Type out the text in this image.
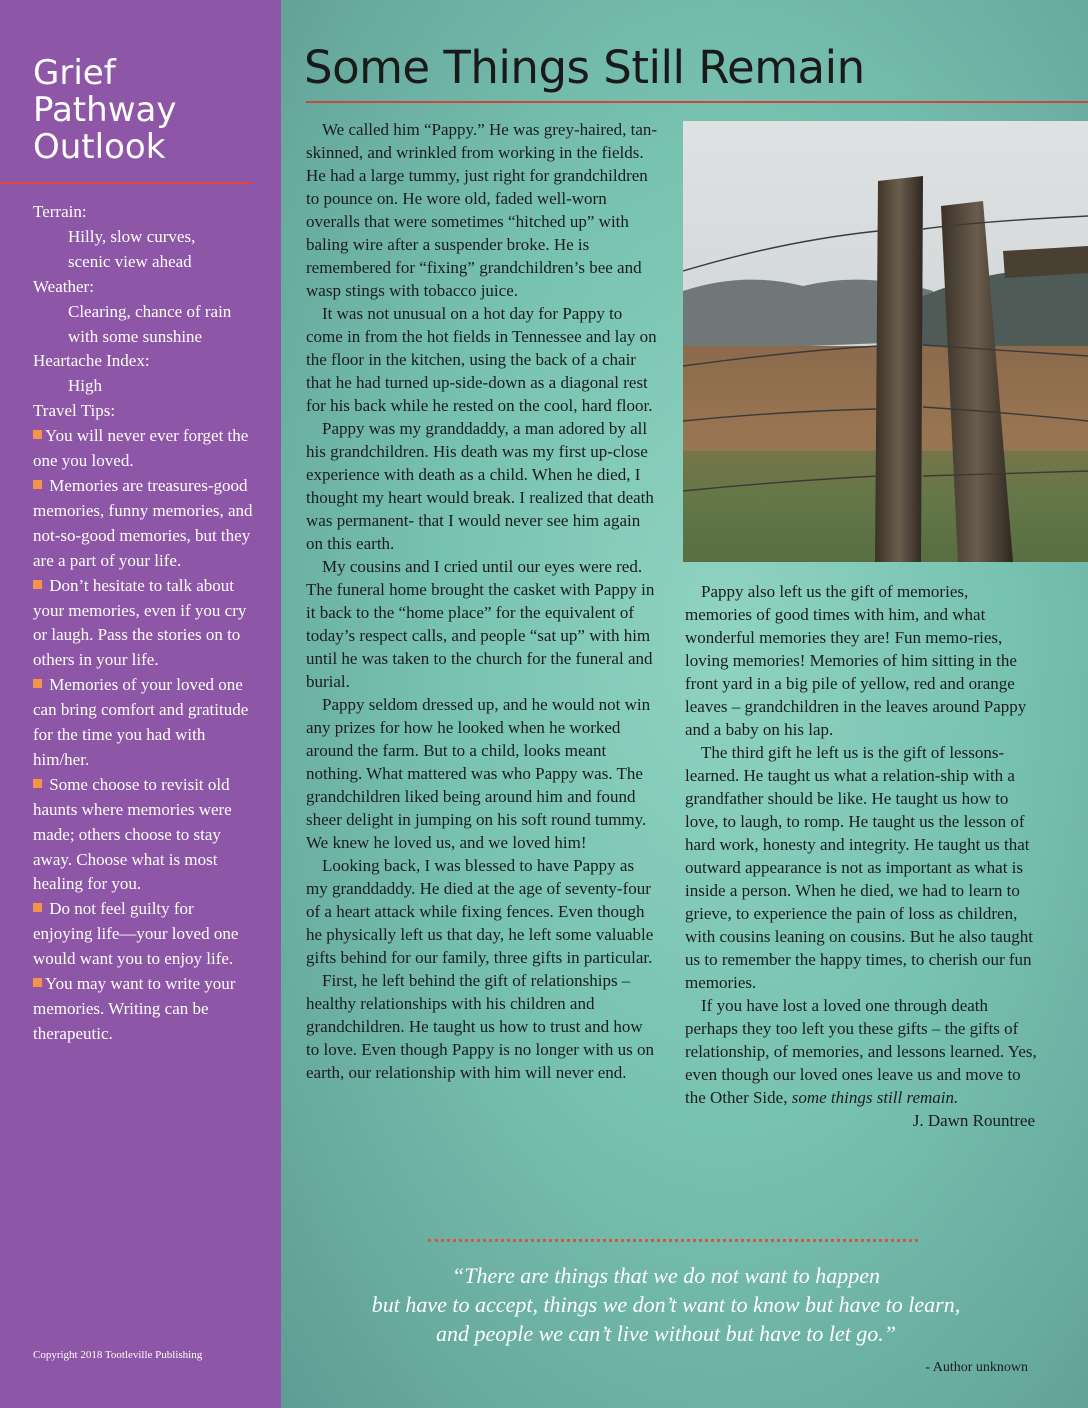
Grief
Pathway
Outlook
Terrain:
Hilly, slow curves,
scenic view ahead
Weather:
Clearing, chance of rain
with some sunshine
Heartache Index:
High
Travel Tips:

You will never ever forget the one you loved.

Memories are treasures-good memories, funny memories, and not-so-good memories, but they are a part of your life.

Don’t hesitate to talk about your memories, even if you cry or laugh. Pass the stories on to others in your life.

Memories of your loved one can bring comfort and gratitude for the time you had with him/her.

Some choose to revisit old haunts where memories were made; others choose to stay away. Choose what is most healing for you.

Do not feel guilty for enjoying life—your loved one would want you to enjoy life.

You may want to write your memories. Writing can be therapeutic.

Copyright 2018 Tootleville Publishing
Some Things Still Remain

We called him “Pappy.” He was grey-haired, tan-skinned, and wrinkled from working in the fields. He had a large tummy, just right for grandchildren to pounce on. He wore old, faded well-worn overalls that were sometimes “hitched up” with baling wire after a suspender broke. He is remembered for “fixing” grandchildren’s bee and wasp stings with tobacco juice.

It was not unusual on a hot day for Pappy to come in from the hot fields in Tennessee and lay on the floor in the kitchen, using the back of a chair that he had turned up-side-down as a diagonal rest for his back while he rested on the cool, hard floor.

Pappy was my granddaddy, a man adored by all his grandchildren. His death was my first up-close experience with death as a child. When he died, I thought my heart would break. I realized that death was permanent- that I would never see him again on this earth.

My cousins and I cried until our eyes were red. The funeral home brought the casket with Pappy in it back to the “home place” for the equivalent of today’s respect calls, and people “sat up” with him until he was taken to the church for the funeral and burial.

Pappy seldom dressed up, and he would not win any prizes for how he looked when he worked around the farm. But to a child, looks meant nothing. What mattered was who Pappy was. The grandchildren liked being around him and found sheer delight in jumping on his soft round tummy. We knew he loved us, and we loved him!

Looking back, I was blessed to have Pappy as my granddaddy. He died at the age of seventy-four of a heart attack while fixing fences. Even though he physically left us that day, he left some valuable gifts behind for our family, three gifts in particular.

First, he left behind the gift of relationships – healthy relationships with his children and grandchildren. He taught us how to trust and how to love. Even though Pappy is no longer with us on earth, our relationship with him will never end.

Pappy also left us the gift of memories, memories of good times with him, and what wonderful memories they are! Fun memo-ries, loving memories! Memories of him sitting in the front yard in a big pile of yellow, red and orange leaves – grandchildren in the leaves around Pappy and a baby on his lap.

The third gift he left us is the gift of lessons-learned. He taught us what a relation-ship with a grandfather should be like. He taught us how to love, to laugh, to romp. He taught us the lesson of hard work, honesty and integrity. He taught us that outward appearance is not as important as what is inside a person. When he died, we had to learn to grieve, to experience the pain of loss as children, with cousins leaning on cousins. But he also taught us to remember the happy times, to cherish our fun memories.

If you have lost a loved one through death perhaps they too left you these gifts – the gifts of relationship, of memories, and lessons learned. Yes, even though our loved ones leave us and move to the Other Side, some things still remain.

J. Dawn Rountree

“There are things that we do not want to happen
but have to accept, things we don’t want to know but have to learn,
and people we can’t live without but have to let go.”
- Author unknown
